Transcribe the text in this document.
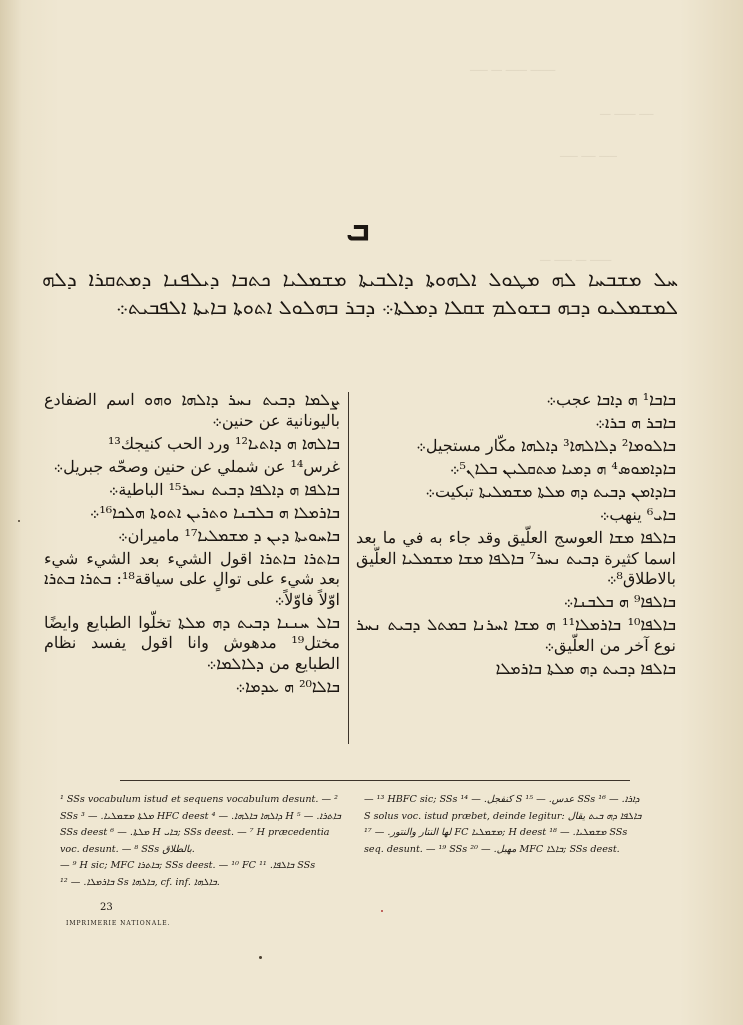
ـــــــ ــــــ ـــ ـــــ
ــــ ــــــ ـــ
ـــــ ــــ ـــــ
ــــــ ـــ ـــــ ـــ
ܒ
ܚܠ ܡܫܒܚܐ ܠܗ ܡܛܘܠ ܐܠܗܘܬܐ ܕܐܠܒܝܬܐ ܡܫܡܠܝܐ ܟܬܒܐ ܕܝܠܦܢܐ ܕܡܬܩܪܐ ܕܠܗ ܠܡܫܡܠܝܘ ܕܒܗ ܒܫܘܠܡ ܫܩܠܐ ܕܡܠܬܐ܀ ܕܒܪ ܒܗܠܘܠ ܐܬܘܬܐ ܒܐܝܬܐ ܐܠܦܒܝܬ܀

ܨܠܡܐ ܕܒܝܬ ܢܚܪ ܕܐܠܗܐ ܘܗܘ اسم الضفادع باليونانية عن حنين܀

ܒܐܠܗܐ ܗ ܕܐܬܝܐ¹² ورد الحب كنيجك¹³

غرس¹⁴ عن شملي عن حنين وصحّه جبريل܀

ܒܐܠܦܐ ܗ ܕܐܠܦܐ ܕܒܝܬ ܢܚܪ¹⁵ الباطية܀

ܒܐܪܡܠܐ ܗ ܒܠܒܢܐ ܘܬܪܝܢ ܐܬܘܬܐ ܗܠܟܐ¹⁶܀

ܒܐܚܘܝܬܐ ܕܝܢ ܕ ܡܫܡܠܝܐ¹⁷ ماميران܀

ܒܐܬܪܐ ܒܐܬܪܐ اقول الشيء بعد الشيء شيء بعد شيء على توالٍ على سياقة¹⁸: ܒܬܪܐ ܒܬܪܐ اوّلاً فاوّلاً܀

ܒܐܠ ܚܢܢܐ ܕܒܝܬ ܕܗ ܡܠܬܐ تخلّوا الطبايع وايضًا مختل¹⁹ مدهوش وانا اقول يفسد نظام الطبايع من ܕܠܐܠܡܐ܀

ܒܐܠܐ²⁰ ܗ ܥܕܡܐ܀

ܒܐܒܐ¹ ܗ ܕܐܒܐ عجب܀

ܒܐܒܪ ܗ ܒܪܐ܀

ܒܐܠܘܡܐ² ܕܠܐܠܗܐ³ ܕܐܠܗܐ مكّار مستجيل܀

ܒܐܕܐܡܘܣ⁴ ܗ ܕܡܝܐ ܡܬܩܠܝܢ ܒܠܐܢ⁵܀

ܒܐܕܐܡܢ ܕܒܝܬ ܕܗ ܡܠܬܐ ܡܫܡܠܝܬܐ تبكيت܀

ܒܐܝ⁶ ينهب܀

ܒܐܠܦܐ ܡܫܐ العوسج العلّيق وقد جاء به في ما بعد اسما كثيرة ܕܒܝܬ ܢܚܪ⁷ ܒܐܠܦܐ ܡܫܐ ܡܫܡܠܝܐ العلّيق بالاطلاق⁸܀

ܒܐܠܦܐ⁹ ܗ ܒܠܒܢܐ܀

ܒܐܠܦܐ¹⁰ ܒܐܪܡܠܐ¹¹ ܗ ܡܫܐ ܐܚܪܢܐ ܒܡܬܠ ܕܒܝܬ ܢܚܪ نوع آخر من العلّيق܀

ܒܐܠܦܐ ܕܒܝܬ ܕܗ ܡܠܬܐ ܒܐܪܡܠܐ

¹ SSs vocabulum istud et sequens vocabulum desunt. — ² SSs ܡܠܬܐ ܡܫܡܠܝܐ. — ³ HFC deest ܕܐܠܗܐ ܒܐܠܗܐ. — ⁴ H ܒܐܬܪܐ. — ⁵ SSs deest ܡܠܬܐ. — ⁶ H ܒܐܝ; SSs deest. — ⁷ H præcedentia voc. desunt. — ⁸ SSs بالطلاق.

— ⁹ H sic; MFC ܒܐܬܪܐ; SSs deest. — ¹⁰ FC ܒܐܠܦܐ. ¹¹ SSs ܒܐܪܡܠܐ. — ¹² Ss ܒܐܠܗܐ, cf. inf. ܒܐܠܗܐ.

— ¹³ HBFC sic; SSs كنفجل. — ¹⁴ S عدس. — ¹⁵ SSs ܕܐܪܐ. — ¹⁶ S solus voc. istud præbet, deinde legitur: ܒܐܠܦܐ ܕܗ ܒܝܬ يقال لها النتار والنتور. — ¹⁷ FC ܡܫܡܠܝܐ; H deest ܡܫܡܠܝܐ. — ¹⁸ SSs seq. desunt. — ¹⁹ SSs مهبل. — ²⁰ MFC ܒܐܠܐ; SSs deest.

23
IMPRIMERIE NATIONALE.
